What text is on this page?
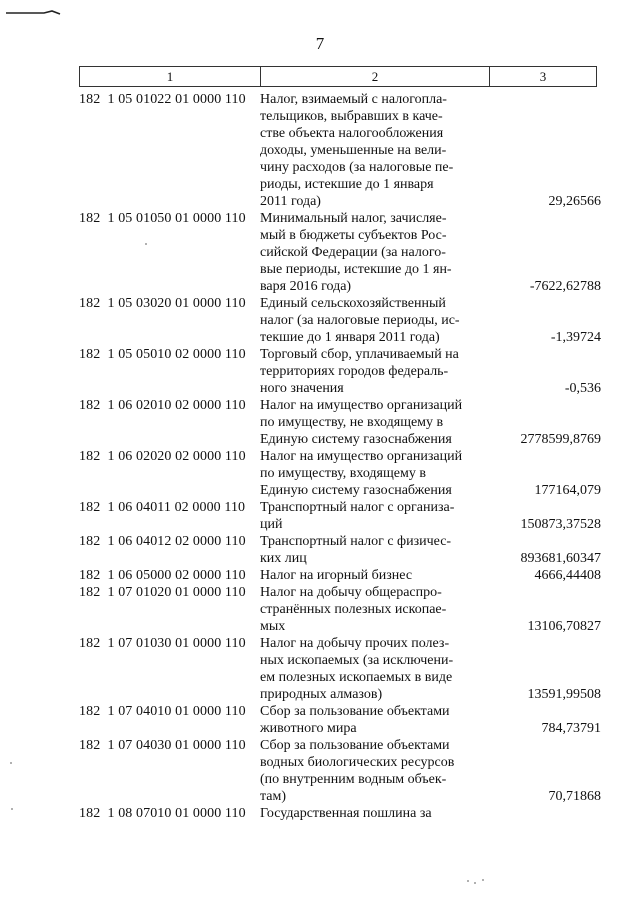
7
1	2	3
182  1 05 01022 01 0000 110	Налог, взимаемый с налогопла-
тельщиков, выбравших в каче-
стве объекта налогообложения
доходы, уменьшенные на вели-
чину расходов (за налоговые пе-
риоды, истекшие до 1 января
2011 года)	29,26566
182  1 05 01050 01 0000 110	Минимальный налог, зачисляе-
мый в бюджеты субъектов Рос-
сийской Федерации (за налого-
вые периоды, истекшие до 1 ян-
варя 2016 года)	-7622,62788
182  1 05 03020 01 0000 110	Единый сельскохозяйственный
налог (за налоговые периоды, ис-
текшие до 1 января 2011 года)	-1,39724
182  1 05 05010 02 0000 110	Торговый сбор, уплачиваемый на
территориях городов федераль-
ного значения	-0,536
182  1 06 02010 02 0000 110	Налог на имущество организаций
по имуществу, не входящему в
Единую систему газоснабжения	2778599,8769
182  1 06 02020 02 0000 110	Налог на имущество организаций
по имуществу, входящему в
Единую систему газоснабжения	177164,079
182  1 06 04011 02 0000 110	Транспортный налог с организа-
ций	150873,37528
182  1 06 04012 02 0000 110	Транспортный налог с физичес-
ких лиц	893681,60347
182  1 06 05000 02 0000 110	Налог на игорный бизнес	4666,44408
182  1 07 01020 01 0000 110	Налог на добычу общераспро-
странённых полезных ископае-
мых	13106,70827
182  1 07 01030 01 0000 110	Налог на добычу прочих полез-
ных ископаемых (за исключени-
ем полезных ископаемых в виде
природных алмазов)	13591,99508
182  1 07 04010 01 0000 110	Сбор за пользование объектами
животного мира	784,73791
182  1 07 04030 01 0000 110	Сбор за пользование объектами
водных биологических ресурсов
(по внутренним водным объек-
там)	70,71868
182  1 08 07010 01 0000 110	Государственная пошлина за
